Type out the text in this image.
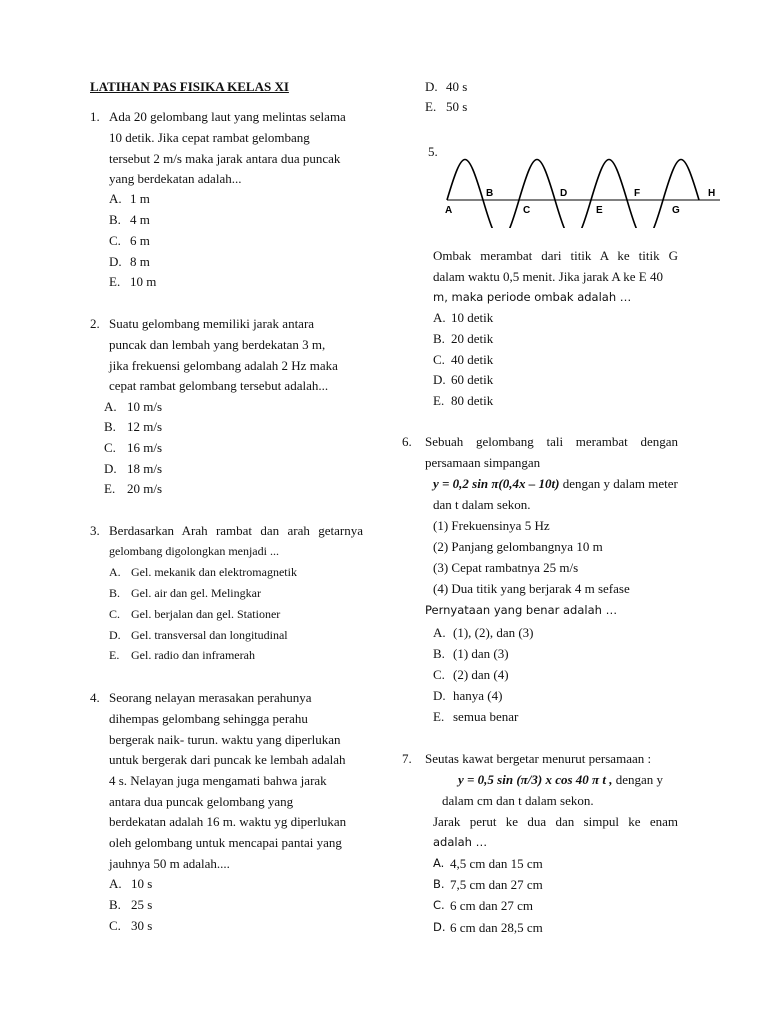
LATIHAN PAS FISIKA KELAS XI
1. Ada 20 gelombang laut yang melintas selama
10 detik. Jika cepat rambat gelombang
tersebut 2 m/s maka jarak antara dua puncak
yang berdekatan adalah...
A. 1 m
B. 4 m
C. 6 m
D. 8 m
E. 10 m
2. Suatu gelombang memiliki jarak antara
puncak dan lembah yang berdekatan 3 m,
jika frekuensi gelombang adalah 2 Hz maka
cepat rambat gelombang tersebut adalah...
A. 10 m/s
B. 12 m/s
C. 16 m/s
D. 18 m/s
E. 20 m/s
3. Berdasarkan Arah rambat dan arah getarnya
gelombang digolongkan menjadi ...
A. Gel. mekanik dan elektromagnetik
B. Gel. air dan gel. Melingkar
C. Gel. berjalan dan gel. Stationer
D. Gel. transversal dan longitudinal
E. Gel. radio dan inframerah
4. Seorang nelayan merasakan perahunya
dihempas gelombang sehingga perahu
bergerak naik- turun. waktu yang diperlukan
untuk bergerak dari puncak ke lembah adalah
4 s. Nelayan juga mengamati bahwa jarak
antara dua puncak gelombang yang
berdekatan adalah 16 m. waktu yg diperlukan
oleh gelombang untuk mencapai pantai yang
jauhnya 50 m adalah....
A. 10 s
B. 25 s
C. 30 s
D. 40 s
E. 50 s
5.
A
B
C
D
E
F
G
H
Ombak merambat dari titik A ke titik G
dalam waktu 0,5 menit. Jika jarak A ke E 40
m, maka periode ombak adalah …
A. 10 detik
B. 20 detik
C. 40 detik
D. 60 detik
E. 80 detik
6. Sebuah gelombang tali merambat dengan
persamaan simpangan
y = 0,2 sin π(0,4x – 10t) dengan y dalam meter
dan t dalam sekon.
(1) Frekuensinya 5 Hz
(2) Panjang gelombangnya 10 m
(3) Cepat rambatnya 25 m/s
(4) Dua titik yang berjarak 4 m sefase
Pernyataan yang benar adalah …
A. (1), (2), dan (3)
B. (1) dan (3)
C. (2) dan (4)
D. hanya (4)
E. semua benar
7. Seutas kawat bergetar menurut persamaan :
y = 0,5 sin (π/3) x cos 40 π t , dengan y
dalam cm dan t dalam sekon.
Jarak perut ke dua dan simpul ke enam
adalah …
A. 4,5 cm dan 15 cm
B. 7,5 cm dan 27 cm
C. 6 cm dan 27 cm
D. 6 cm dan 28,5 cm
